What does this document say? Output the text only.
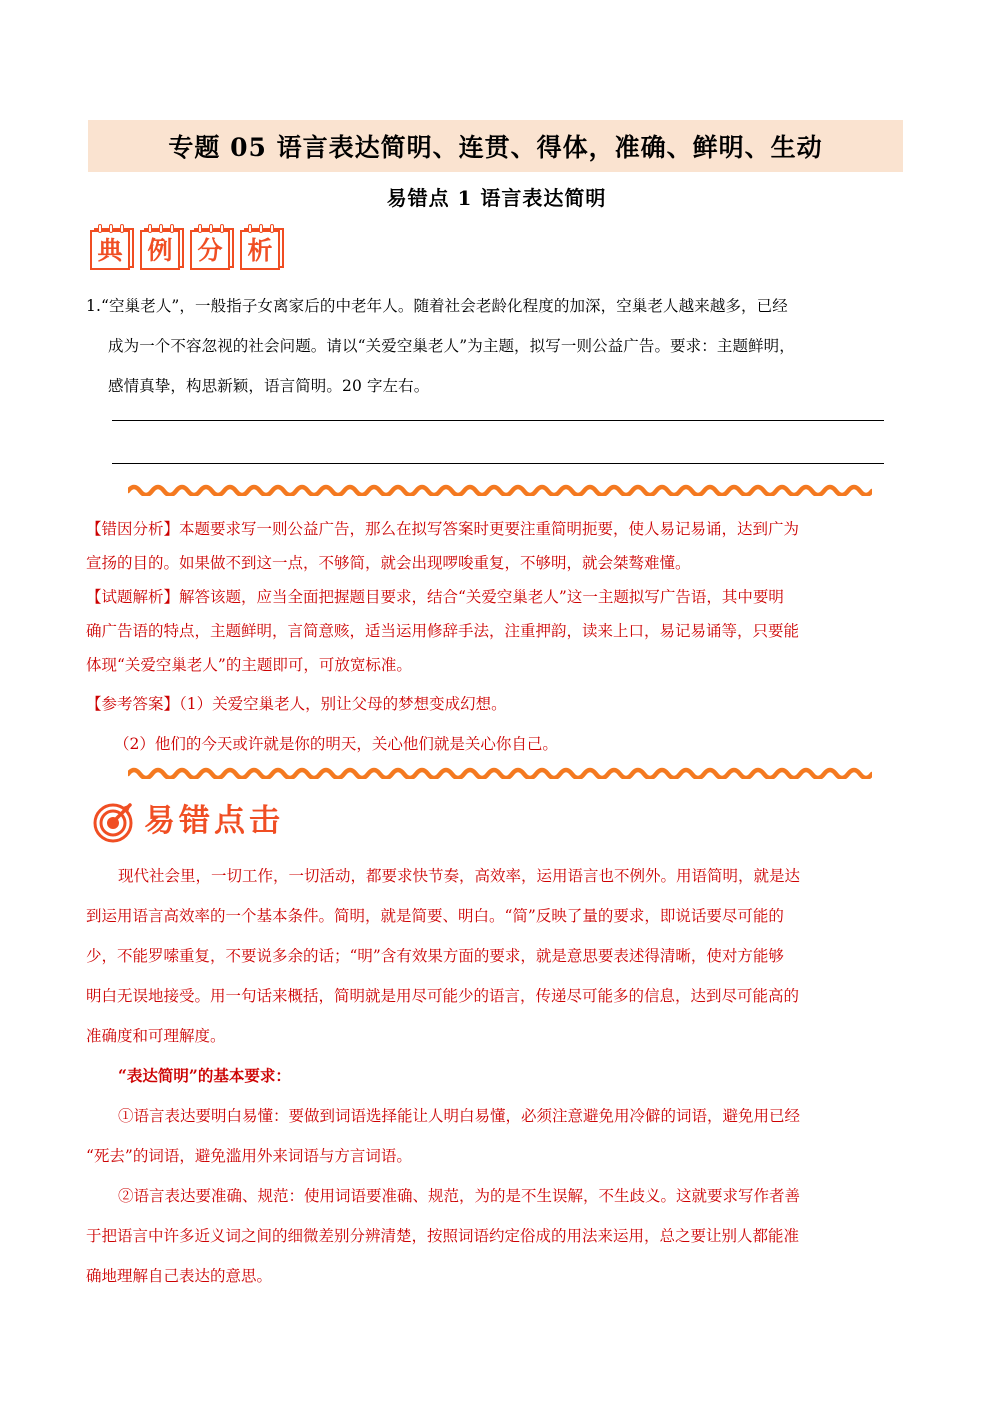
专题 05 语言表达简明、连贯、得体，准确、鲜明、生动
易错点 1 语言表达简明
典 例 分 析
1.“空巢老人”，一般指子女离家后的中老年人。随着社会老龄化程度的加深，空巢老人越来越多，已经
成为一个不容忽视的社会问题。请以“关爱空巢老人”为主题，拟写一则公益广告。要求：主题鲜明，
感情真挚，构思新颖，语言简明。20 字左右。
【错因分析】本题要求写一则公益广告，那么在拟写答案时更要注重简明扼要，使人易记易诵，达到广为
宣扬的目的。如果做不到这一点，不够简，就会出现啰唆重复，不够明，就会桀骜难懂。
【试题解析】解答该题，应当全面把握题目要求，结合“关爱空巢老人”这一主题拟写广告语，其中要明
确广告语的特点，主题鲜明，言简意赅，适当运用修辞手法，注重押韵，读来上口，易记易诵等，只要能
体现“关爱空巢老人”的主题即可，可放宽标准。
【参考答案】（1）关爱空巢老人，别让父母的梦想变成幻想。
（2）他们的今天或许就是你的明天，关心他们就是关心你自己。
易错点击
现代社会里，一切工作，一切活动，都要求快节奏，高效率，运用语言也不例外。用语简明，就是达
到运用语言高效率的一个基本条件。简明，就是简要、明白。“简”反映了量的要求，即说话要尽可能的
少，不能罗嗦重复，不要说多余的话；“明”含有效果方面的要求，就是意思要表述得清晰，使对方能够
明白无误地接受。用一句话来概括，简明就是用尽可能少的语言，传递尽可能多的信息，达到尽可能高的
准确度和可理解度。
“表达简明”的基本要求：
①语言表达要明白易懂：要做到词语选择能让人明白易懂，必须注意避免用冷僻的词语，避免用已经
“死去”的词语，避免滥用外来词语与方言词语。
②语言表达要准确、规范：使用词语要准确、规范，为的是不生误解，不生歧义。这就要求写作者善
于把语言中许多近义词之间的细微差别分辨清楚，按照词语约定俗成的用法来运用，总之要让别人都能准
确地理解自己表达的意思。
